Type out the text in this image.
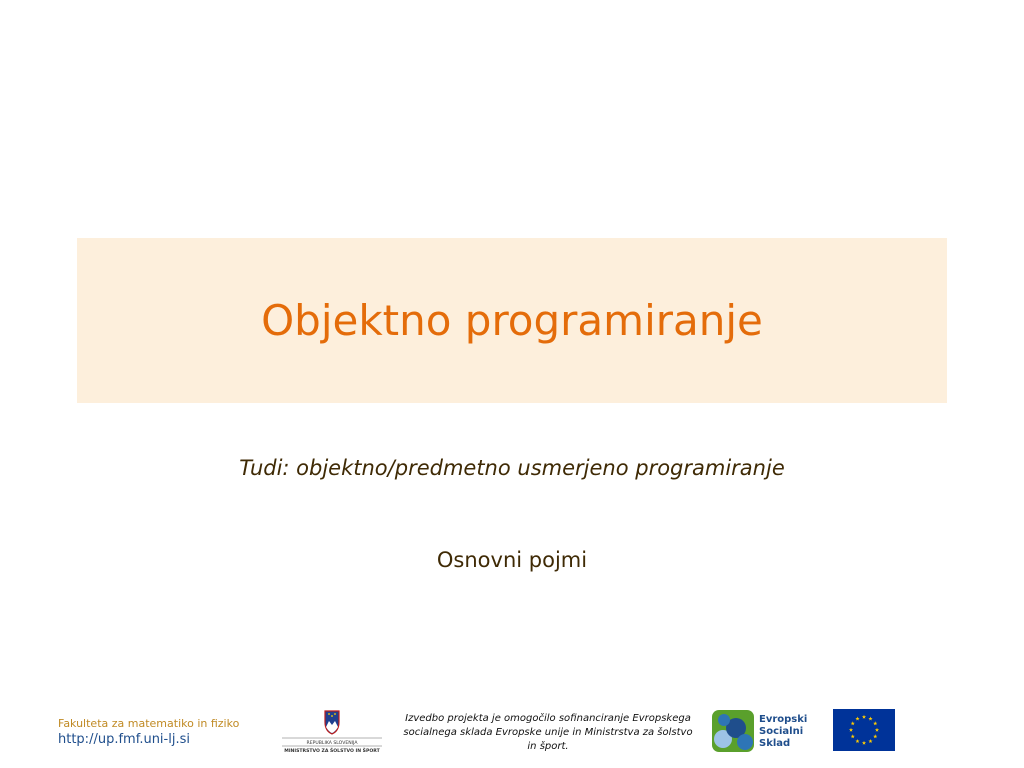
Objektno programiranje
Tudi: objektno/predmetno usmerjeno programiranje
Osnovni pojmi
Fakulteta za matematiko in fiziko
http://up.fmf.uni-lj.si	REPUBLIKA SLOVENIJA
MINISTRSTVO ZA ŠOLSTVO IN ŠPORT
Izvedbo projekta je omogočilo sofinanciranje Evropskega socialnega sklada Evropske unije in Ministrstva za šolstvo in šport.
Evropski
Socialni
Sklad
